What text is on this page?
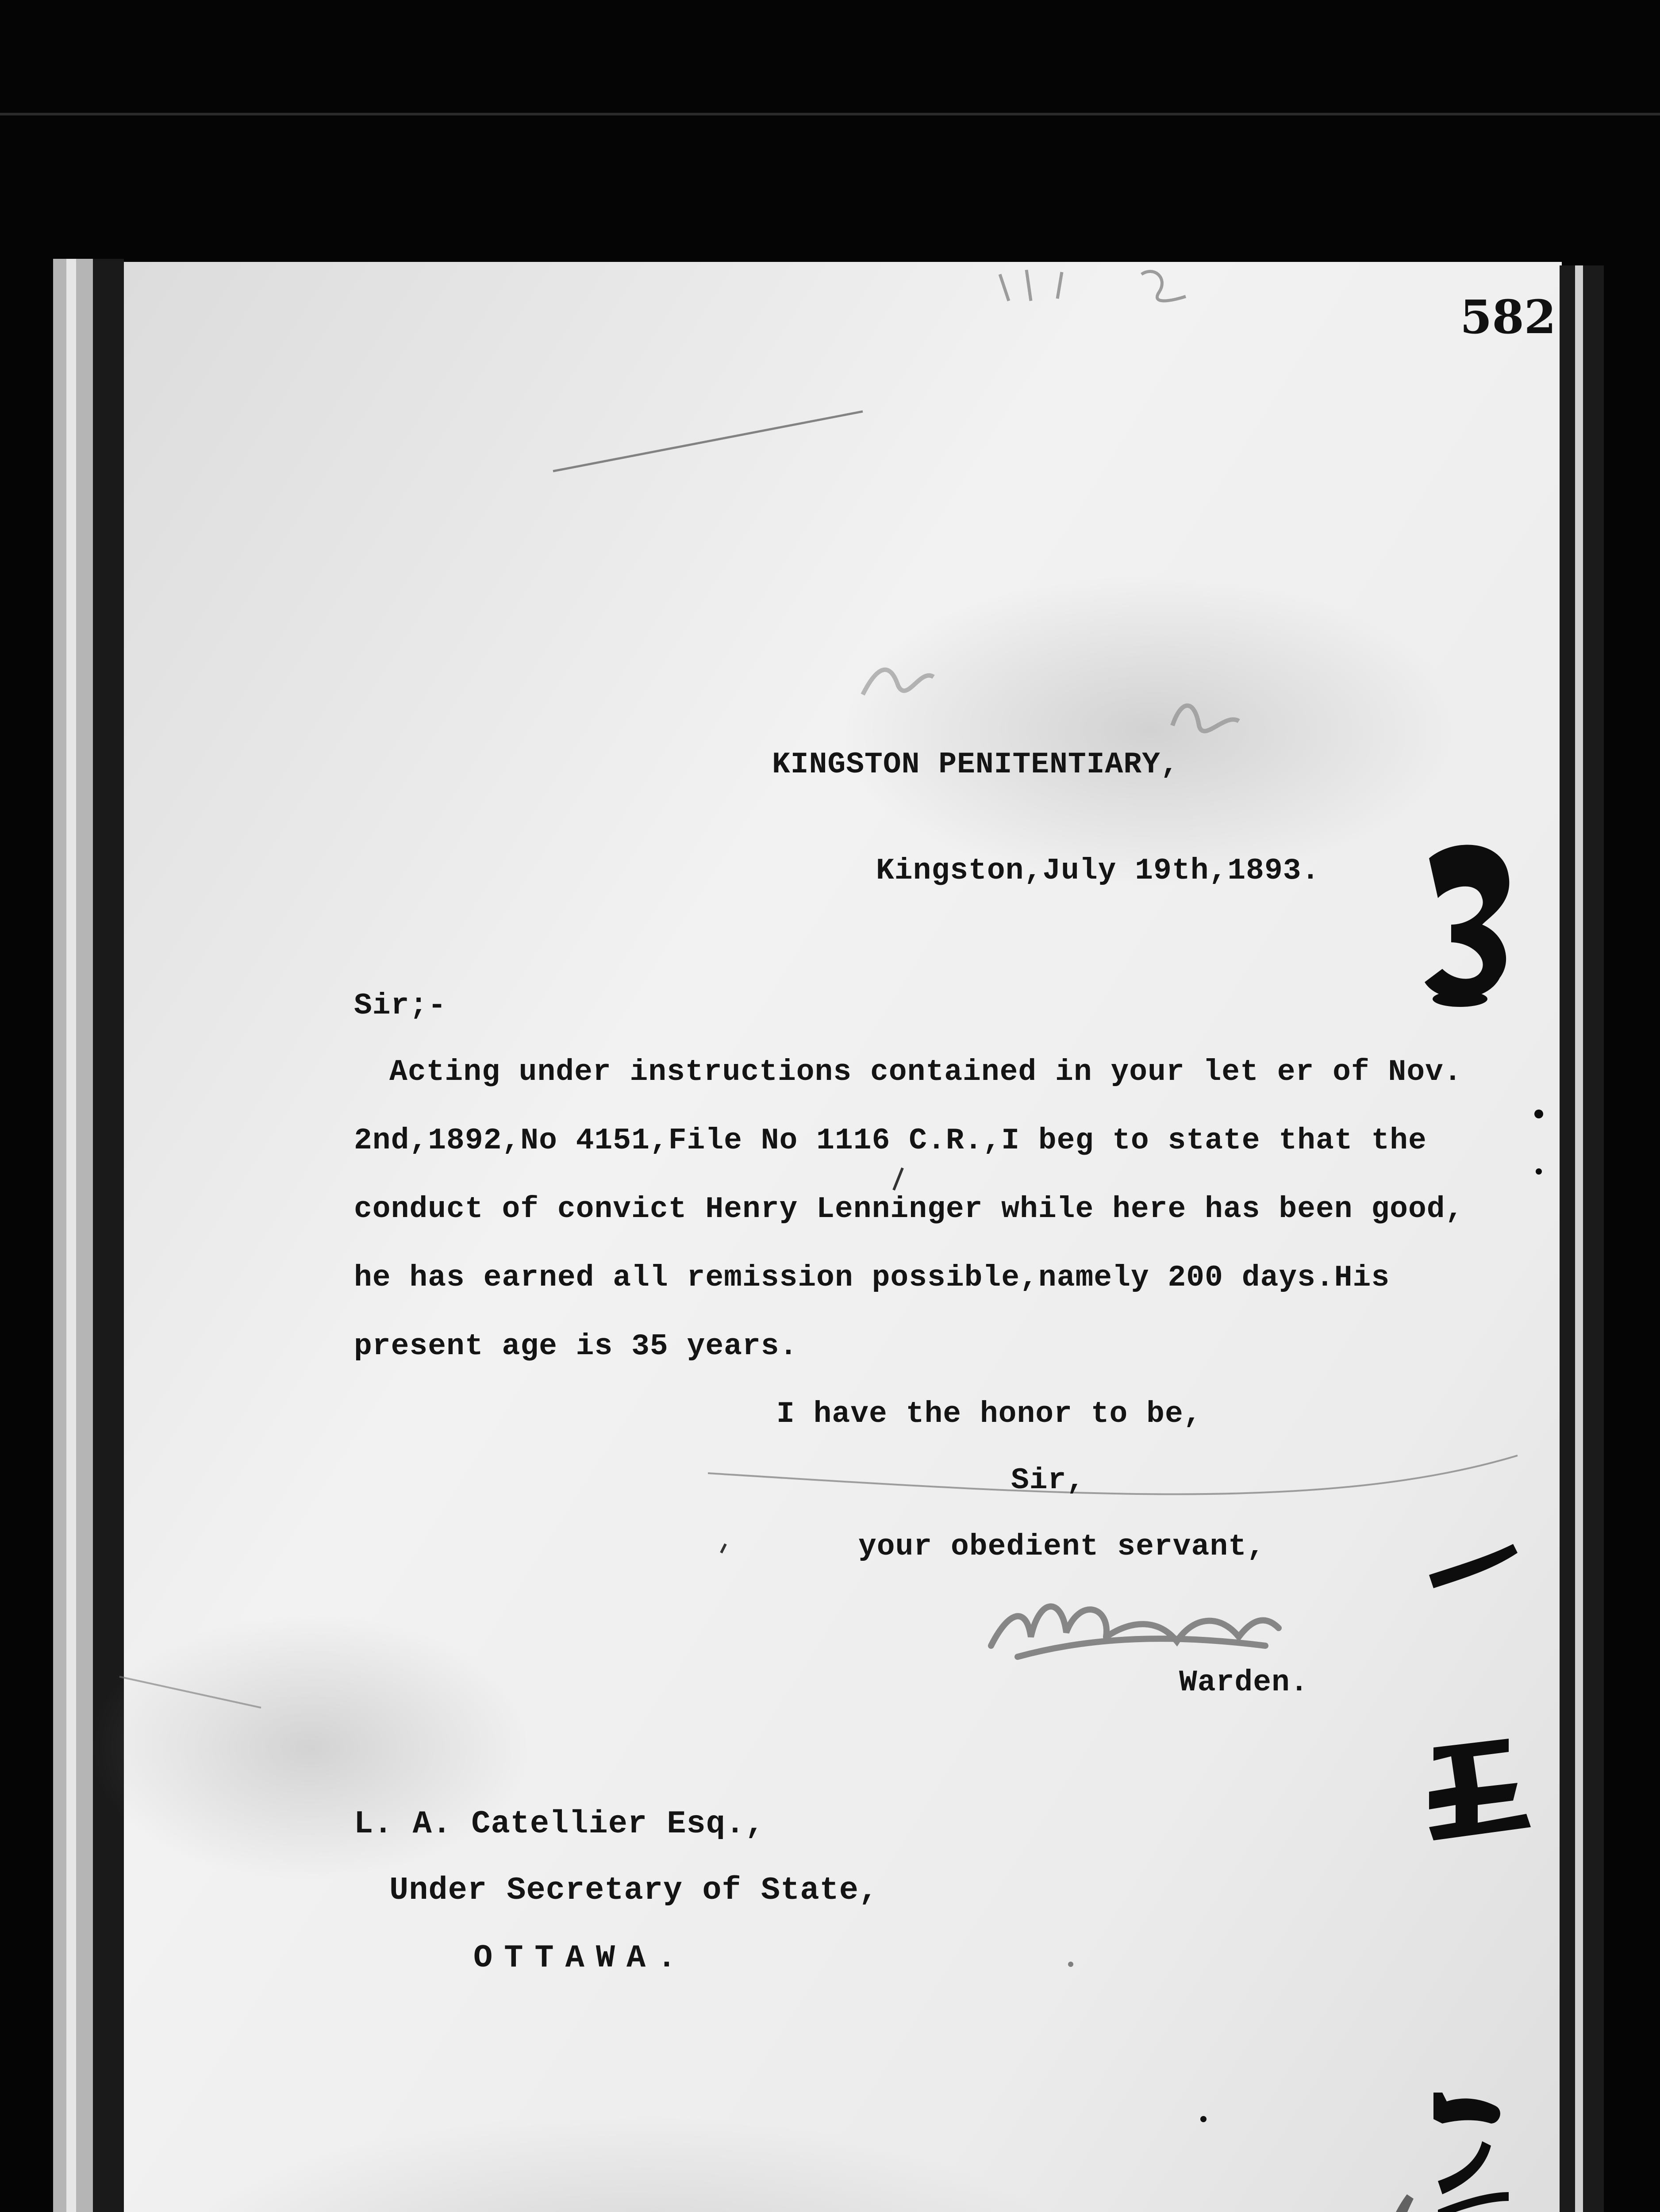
582
KINGSTON PENITENTIARY,
Kingston,July 19th,1893.
Sir;-
Acting under instructions contained in your let er of Nov.
2nd,1892,No 4151,File No 1116 C.R.,I beg to state that the
conduct of convict Henry Lenninger while here has been good,
he has earned all remission possible,namely 200 days.His
present age is 35 years.
I have the honor to be,
Sir,
your obedient servant,
Warden.
L. A. Catellier Esq.,
Under Secretary of State,
OTTAWA.
